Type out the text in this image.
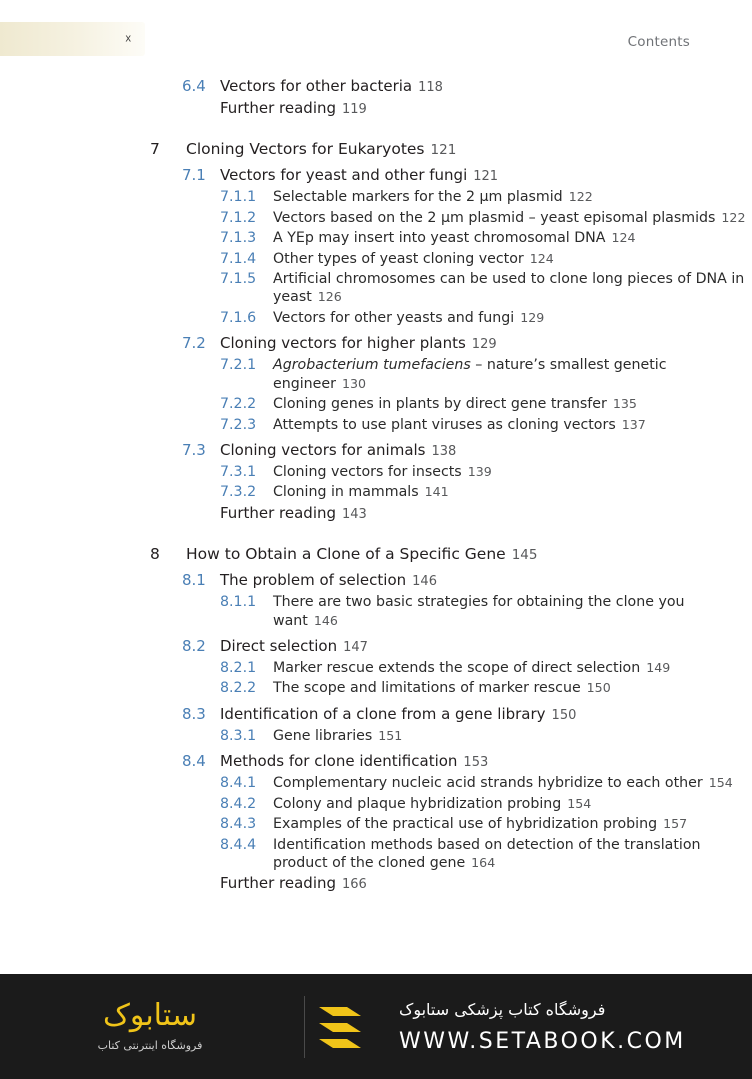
x	Contents
6.4 Vectors for other bacteria 118
Further reading 119
7	Cloning Vectors for Eukaryotes 121
7.1 Vectors for yeast and other fungi 121
7.1.1	Selectable markers for the 2 µm plasmid 122
7.1.2	Vectors based on the 2 µm plasmid – yeast episomal plasmids 122
7.1.3	A YEp may insert into yeast chromosomal DNA 124
7.1.4	Other types of yeast cloning vector 124
7.1.5	Artificial chromosomes can be used to clone long pieces of DNA in yeast 126
7.1.6	Vectors for other yeasts and fungi 129
7.2 Cloning vectors for higher plants 129
7.2.1	Agrobacterium tumefaciens – nature’s smallest genetic engineer 130
7.2.2	Cloning genes in plants by direct gene transfer 135
7.2.3	Attempts to use plant viruses as cloning vectors 137
7.3 Cloning vectors for animals 138
7.3.1	Cloning vectors for insects 139
7.3.2	Cloning in mammals 141
Further reading 143
8	How to Obtain a Clone of a Specific Gene 145
8.1 The problem of selection 146
8.1.1	There are two basic strategies for obtaining the clone you want 146
8.2 Direct selection 147
8.2.1	Marker rescue extends the scope of direct selection 149
8.2.2	The scope and limitations of marker rescue 150
8.3 Identification of a clone from a gene library 150
8.3.1	Gene libraries 151
8.4 Methods for clone identification 153
8.4.1	Complementary nucleic acid strands hybridize to each other 154
8.4.2	Colony and plaque hybridization probing 154
8.4.3	Examples of the practical use of hybridization probing 157
8.4.4	Identification methods based on detection of the translation product of the cloned gene 164
Further reading 166
ستابوک
فروشگاه اینترنتی کتاب
فروشگاه کتاب پزشکی ستابوک
WWW.SETABOOK.COM
